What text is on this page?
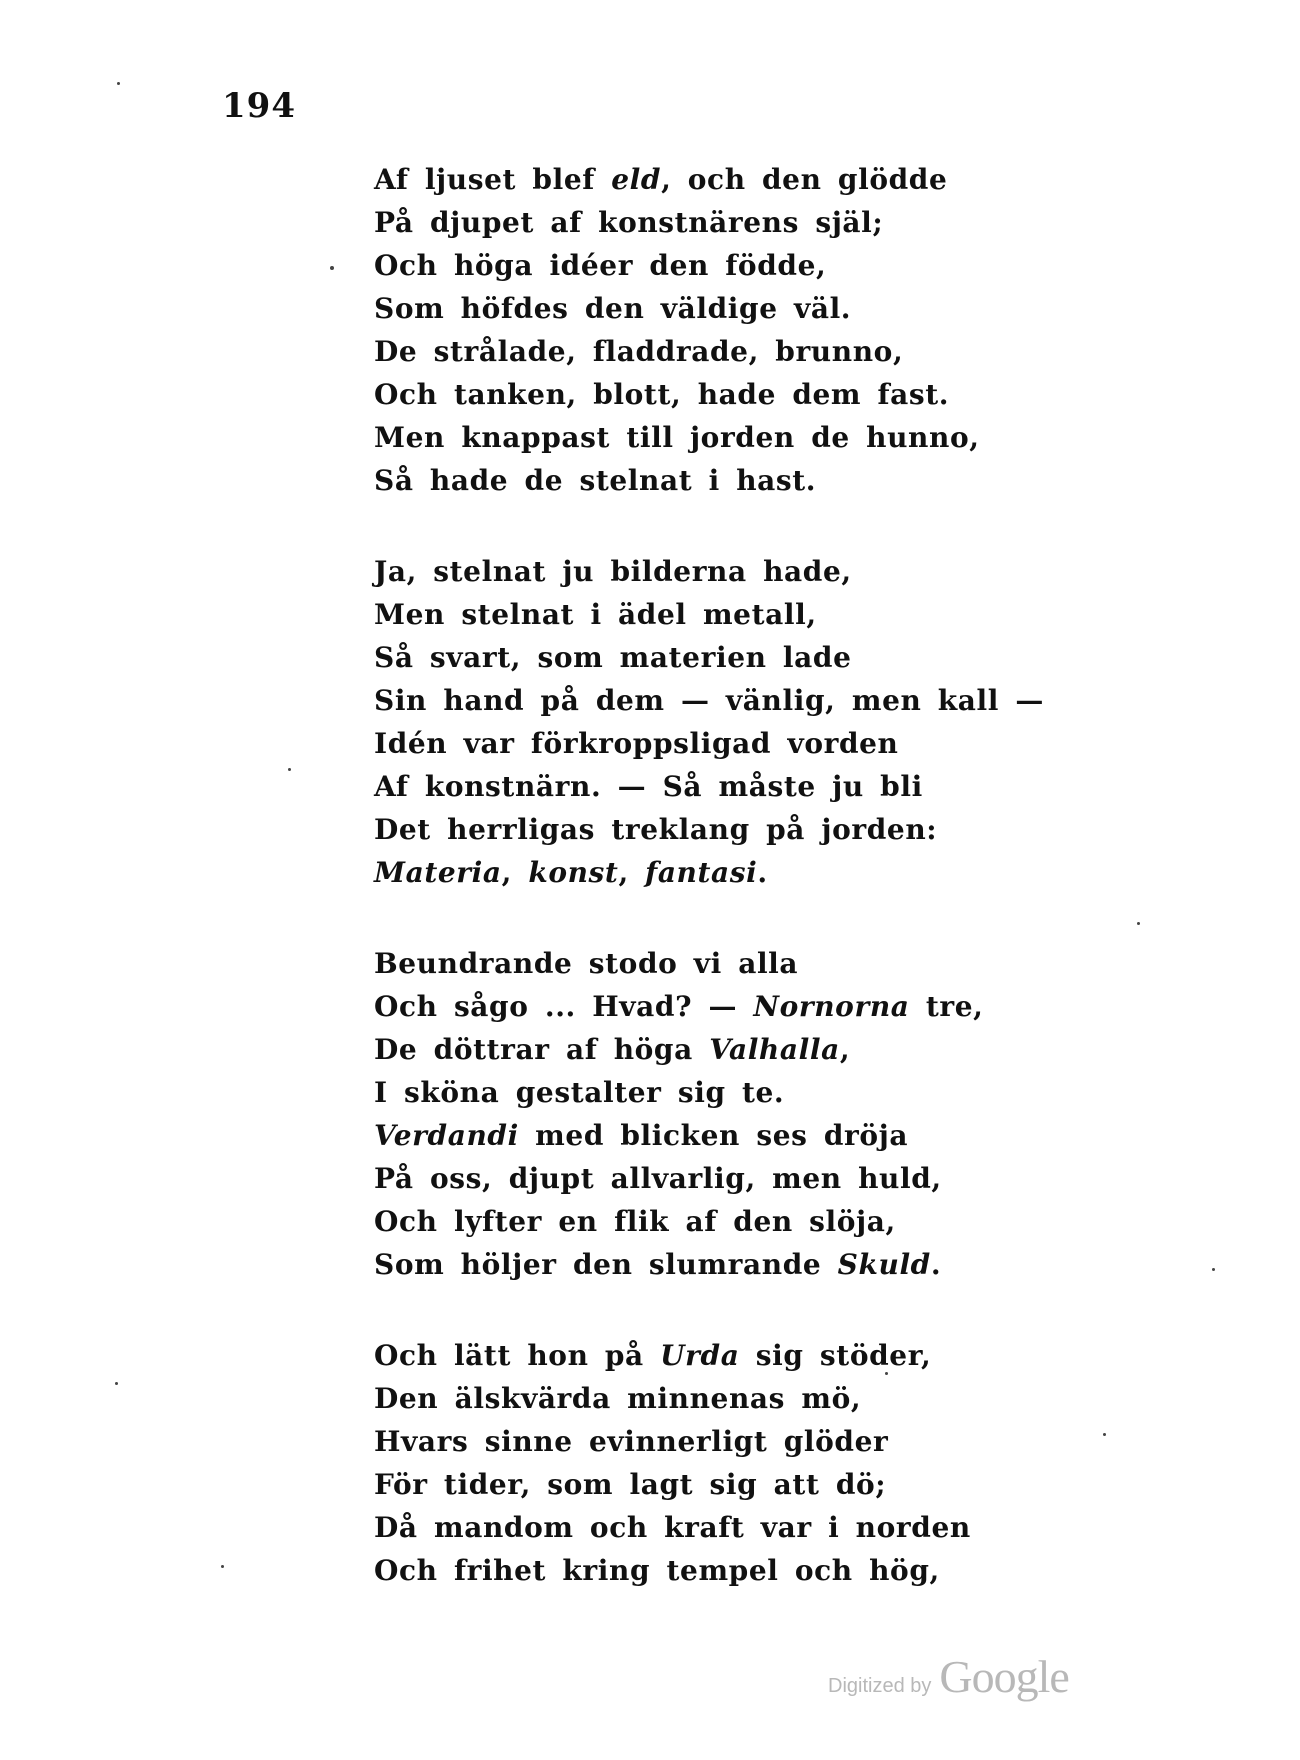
194
Af ljuset blef eld, och den glödde
På djupet af konstnärens själ;
Och höga idéer den födde,
Som höfdes den väldige väl.
De strålade, fladdrade, brunno,
Och tanken, blott, hade dem fast.
Men knappast till jorden de hunno,
Så hade de stelnat i hast.
Ja, stelnat ju bilderna hade,
Men stelnat i ädel metall,
Så svart, som materien lade
Sin hand på dem — vänlig, men kall —
Idén var förkroppsligad vorden
Af konstnärn. — Så måste ju bli
Det herrligas treklang på jorden:
Materia, konst, fantasi.
Beundrande stodo vi alla
Och sågo ... Hvad? — Nornorna tre,
De döttrar af höga Valhalla,
I sköna gestalter sig te.
Verdandi med blicken ses dröja
På oss, djupt allvarlig, men huld,
Och lyfter en flik af den slöja,
Som höljer den slumrande Skuld.
Och lätt hon på Urda sig stöder,
Den älskvärda minnenas mö,
Hvars sinne evinnerligt glöder
För tider, som lagt sig att dö;
Då mandom och kraft var i norden
Och frihet kring tempel och hög,
Digitized by Google
